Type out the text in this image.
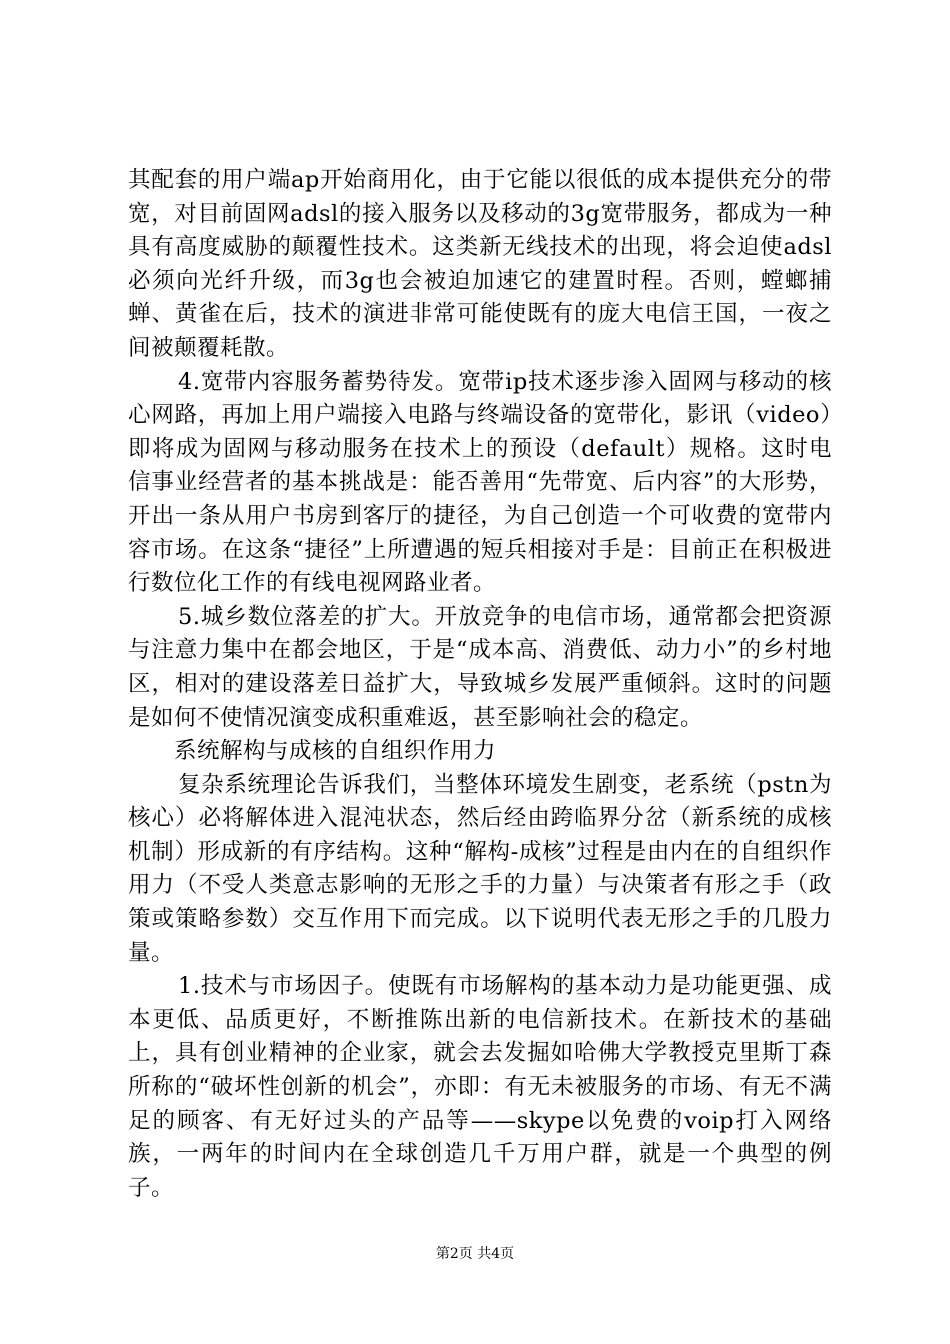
其配套的用户端ap开始商用化，由于它能以很低的成本提供充分的带宽，对目前固网adsl的接入服务以及移动的3g宽带服务，都成为一种具有高度威胁的颠覆性技术。这类新无线技术的出现，将会迫使adsl必须向光纤升级，而3g也会被迫加速它的建置时程。否则，螳螂捕蝉、黄雀在后，技术的演进非常可能使既有的庞大电信王国，一夜之间被颠覆耗散。

4.宽带内容服务蓄势待发。宽带ip技术逐步渗入固网与移动的核心网路，再加上用户端接入电路与终端设备的宽带化，影讯（video）即将成为固网与移动服务在技术上的预设（default）规格。这时电信事业经营者的基本挑战是：能否善用“先带宽、后内容”的大形势，开出一条从用户书房到客厅的捷径，为自己创造一个可收费的宽带内容市场。在这条“捷径”上所遭遇的短兵相接对手是：目前正在积极进行数位化工作的有线电视网路业者。

5.城乡数位落差的扩大。开放竞争的电信市场，通常都会把资源与注意力集中在都会地区，于是“成本高、消费低、动力小”的乡村地区，相对的建设落差日益扩大，导致城乡发展严重倾斜。这时的问题是如何不使情况演变成积重难返，甚至影响社会的稳定。

系统解构与成核的自组织作用力

复杂系统理论告诉我们，当整体环境发生剧变，老系统（pstn为核心）必将解体进入混沌状态，然后经由跨临界分岔（新系统的成核机制）形成新的有序结构。这种“解构-成核”过程是由内在的自组织作用力（不受人类意志影响的无形之手的力量）与决策者有形之手（政策或策略参数）交互作用下而完成。以下说明代表无形之手的几股力量。

1.技术与市场因子。使既有市场解构的基本动力是功能更强、成本更低、品质更好，不断推陈出新的电信新技术。在新技术的基础上，具有创业精神的企业家，就会去发掘如哈佛大学教授克里斯丁森所称的“破坏性创新的机会”，亦即：有无未被服务的市场、有无不满足的顾客、有无好过头的产品等——skype以免费的voip打入网络族，一两年的时间内在全球创造几千万用户群，就是一个典型的例子。

第2页 共4页
